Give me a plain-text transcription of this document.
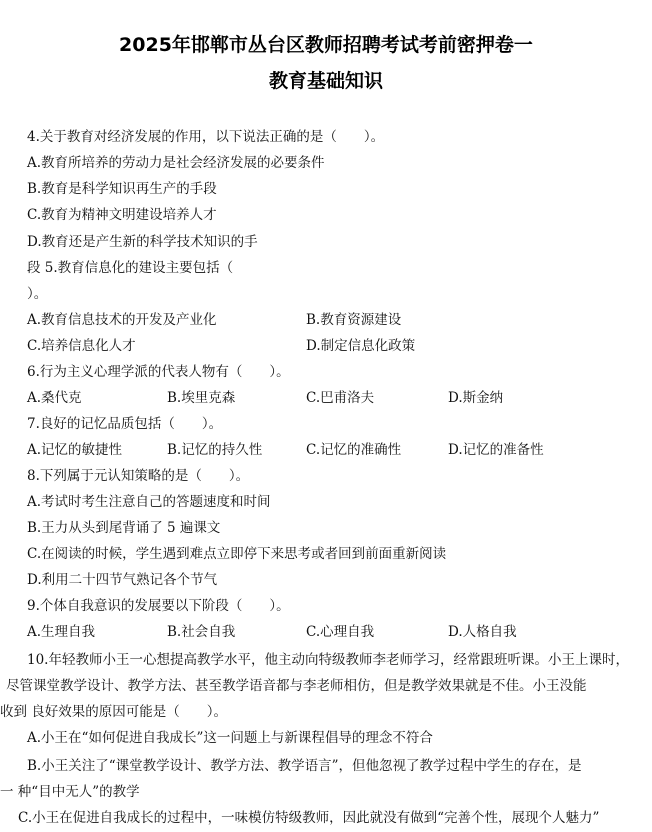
2025年邯郸市丛台区教师招聘考试考前密押卷一
教育基础知识
4.关于教育对经济发展的作用，以下说法正确的是（　　）。
A.教育所培养的劳动力是社会经济发展的必要条件
B.教育是科学知识再生产的手段
C.教育为精神文明建设培养人才
D.教育还是产生新的科学技术知识的手
段 5.教育信息化的建设主要包括（
）。
A.教育信息技术的开发及产业化	B.教育资源建设
C.培养信息化人才	D.制定信息化政策
6.行为主义心理学派的代表人物有（　　）。
A.桑代克	B.埃里克森	C.巴甫洛夫	D.斯金纳
7.良好的记忆品质包括（　　）。
A.记忆的敏捷性	B.记忆的持久性	C.记忆的准确性	D.记忆的准备性
8.下列属于元认知策略的是（　　）。
A.考试时考生注意自己的答题速度和时间
B.王力从头到尾背诵了 5 遍课文
C.在阅读的时候，学生遇到难点立即停下来思考或者回到前面重新阅读
D.利用二十四节气熟记各个节气
9.个体自我意识的发展要以下阶段（　　）。
A.生理自我	B.社会自我	C.心理自我	D.人格自我
10.年轻教师小王一心想提高教学水平，他主动向特级教师李老师学习，经常跟班听课。小王上课时，
尽管课堂教学设计、教学方法、甚至教学语音都与李老师相仿，但是教学效果就是不佳。小王没能
收到 良好效果的原因可能是（　　）。
A.小王在“如何促进自我成长”这一问题上与新课程倡导的理念不符合
B.小王关注了“课堂教学设计、教学方法、教学语言”，但他忽视了教学过程中学生的存在，是
一 种“目中无人”的教学
C.小王在促进自我成长的过程中，一味模仿特级教师，因此就没有做到“完善个性，展现个人魅力”
